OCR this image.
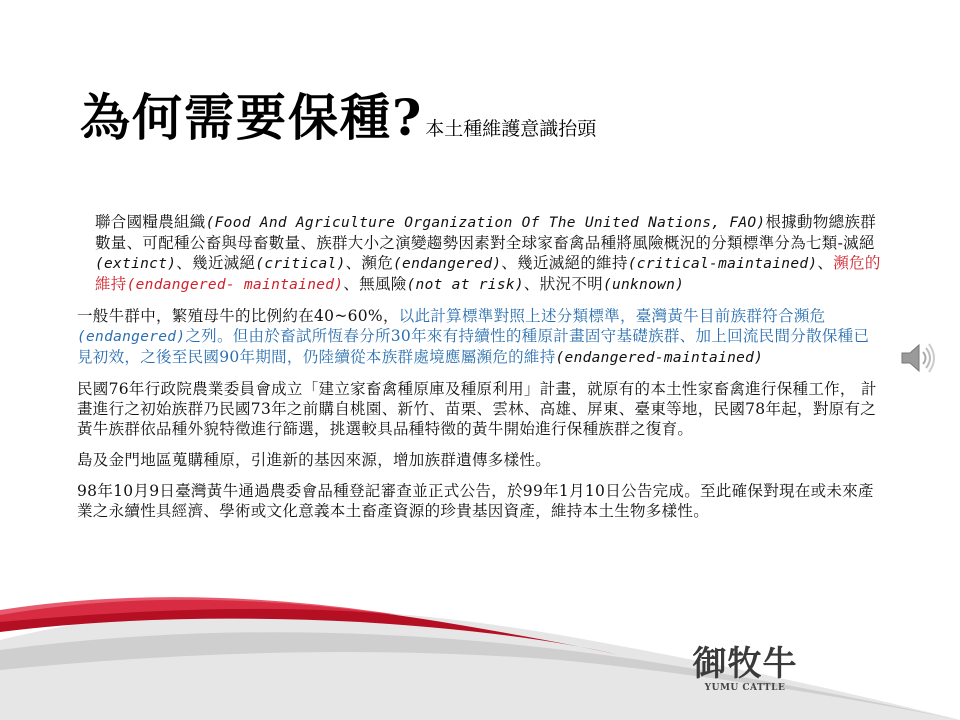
為何需要保種? 本土種維護意識抬頭

聯合國糧農組織(Food And Agriculture Organization Of The United Nations, FAO)根據動物總族群數量、可配種公畜與母畜數量、族群大小之演變趨勢因素對全球家畜禽品種將風險概況的分類標準分為七類-滅絕(extinct)、幾近滅絕(critical)、瀕危(endangered)、幾近滅絕的維持(critical-maintained)、瀕危的維持(endangered- maintained)、無風險(not at risk)、狀況不明(unknown)

一般牛群中，繁殖母牛的比例約在40~60%，以此計算標準對照上述分類標準，臺灣黃牛目前族群符合瀕危(endangered)之列。但由於畜試所恆春分所30年來有持續性的種原計畫固守基礎族群、加上回流民間分散保種已見初效，之後至民國90年期間，仍陸續從本族群處境應屬瀕危的維持(endangered-maintained)

民國76年行政院農業委員會成立「建立家畜禽種原庫及種原利用」計畫，就原有的本土性家畜禽進行保種工作， 計畫進行之初始族群乃民國73年之前購自桃園、新竹、苗栗、雲林、高雄、屏東、臺東等地，民國78年起，對原有之黃牛族群依品種外貌特徵進行篩選，挑選較具品種特徵的黃牛開始進行保種族群之復育。

島及金門地區蒐購種原，引進新的基因來源，增加族群遺傳多樣性。

98年10月9日臺灣黃牛通過農委會品種登記審查並正式公告，於99年1月10日公告完成。至此確保對現在或未來產業之永續性具經濟、學術或文化意義本土畜產資源的珍貴基因資產，維持本土生物多樣性。

御牧牛
YUMU CATTLE
